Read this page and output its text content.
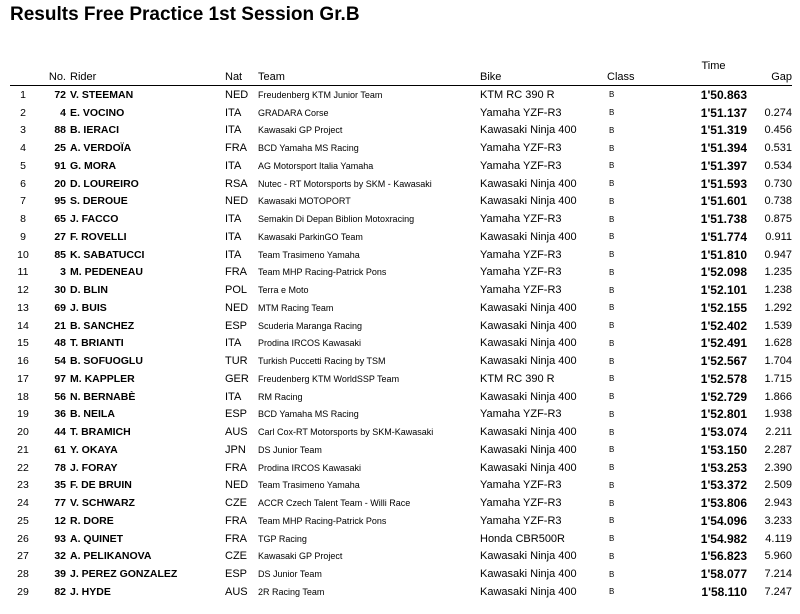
Results Free Practice 1st Session Gr.B
	No.	Rider	Nat	Team	Bike	Class	Time	Gap
1	72	V. STEEMAN	NED	Freudenberg KTM Junior Team	KTM RC 390 R	B	1'50.863	
2	4	E. VOCINO	ITA	GRADARA Corse	Yamaha YZF-R3	B	1'51.137	0.274
3	88	B. IERACI	ITA	Kawasaki GP Project	Kawasaki Ninja 400	B	1'51.319	0.456
4	25	A. VERDOÏA	FRA	BCD Yamaha MS Racing	Yamaha YZF-R3	B	1'51.394	0.531
5	91	G. MORA	ITA	AG Motorsport Italia Yamaha	Yamaha YZF-R3	B	1'51.397	0.534
6	20	D. LOUREIRO	RSA	Nutec - RT Motorsports by SKM - Kawasaki	Kawasaki Ninja 400	B	1'51.593	0.730
7	95	S. DEROUE	NED	Kawasaki MOTOPORT	Kawasaki Ninja 400	B	1'51.601	0.738
8	65	J. FACCO	ITA	Semakin Di Depan Biblion Motoxracing	Yamaha YZF-R3	B	1'51.738	0.875
9	27	F. ROVELLI	ITA	Kawasaki ParkinGO Team	Kawasaki Ninja 400	B	1'51.774	0.911
10	85	K. SABATUCCI	ITA	Team Trasimeno Yamaha	Yamaha YZF-R3	B	1'51.810	0.947
11	3	M. PEDENEAU	FRA	Team MHP Racing-Patrick Pons	Yamaha YZF-R3	B	1'52.098	1.235
12	30	D. BLIN	POL	Terra e Moto	Yamaha YZF-R3	B	1'52.101	1.238
13	69	J. BUIS	NED	MTM Racing Team	Kawasaki Ninja 400	B	1'52.155	1.292
14	21	B. SANCHEZ	ESP	Scuderia Maranga Racing	Kawasaki Ninja 400	B	1'52.402	1.539
15	48	T. BRIANTI	ITA	Prodina IRCOS Kawasaki	Kawasaki Ninja 400	B	1'52.491	1.628
16	54	B. SOFUOGLU	TUR	Turkish Puccetti Racing by TSM	Kawasaki Ninja 400	B	1'52.567	1.704
17	97	M. KAPPLER	GER	Freudenberg KTM WorldSSP Team	KTM RC 390 R	B	1'52.578	1.715
18	56	N. BERNABÈ	ITA	RM Racing	Kawasaki Ninja 400	B	1'52.729	1.866
19	36	B. NEILA	ESP	BCD Yamaha MS Racing	Yamaha YZF-R3	B	1'52.801	1.938
20	44	T. BRAMICH	AUS	Carl Cox-RT Motorsports by SKM-Kawasaki	Kawasaki Ninja 400	B	1'53.074	2.211
21	61	Y. OKAYA	JPN	DS Junior Team	Kawasaki Ninja 400	B	1'53.150	2.287
22	78	J. FORAY	FRA	Prodina IRCOS Kawasaki	Kawasaki Ninja 400	B	1'53.253	2.390
23	35	F. DE BRUIN	NED	Team Trasimeno Yamaha	Yamaha YZF-R3	B	1'53.372	2.509
24	77	V. SCHWARZ	CZE	ACCR Czech Talent Team - Willi Race	Yamaha YZF-R3	B	1'53.806	2.943
25	12	R. DORE	FRA	Team MHP Racing-Patrick Pons	Yamaha YZF-R3	B	1'54.096	3.233
26	93	A. QUINET	FRA	TGP Racing	Honda CBR500R	B	1'54.982	4.119
27	32	A. PELIKANOVA	CZE	Kawasaki GP Project	Kawasaki Ninja 400	B	1'56.823	5.960
28	39	J. PEREZ GONZALEZ	ESP	DS Junior Team	Kawasaki Ninja 400	B	1'58.077	7.214
29	82	J. HYDE	AUS	2R Racing Team	Kawasaki Ninja 400	B	1'58.110	7.247
